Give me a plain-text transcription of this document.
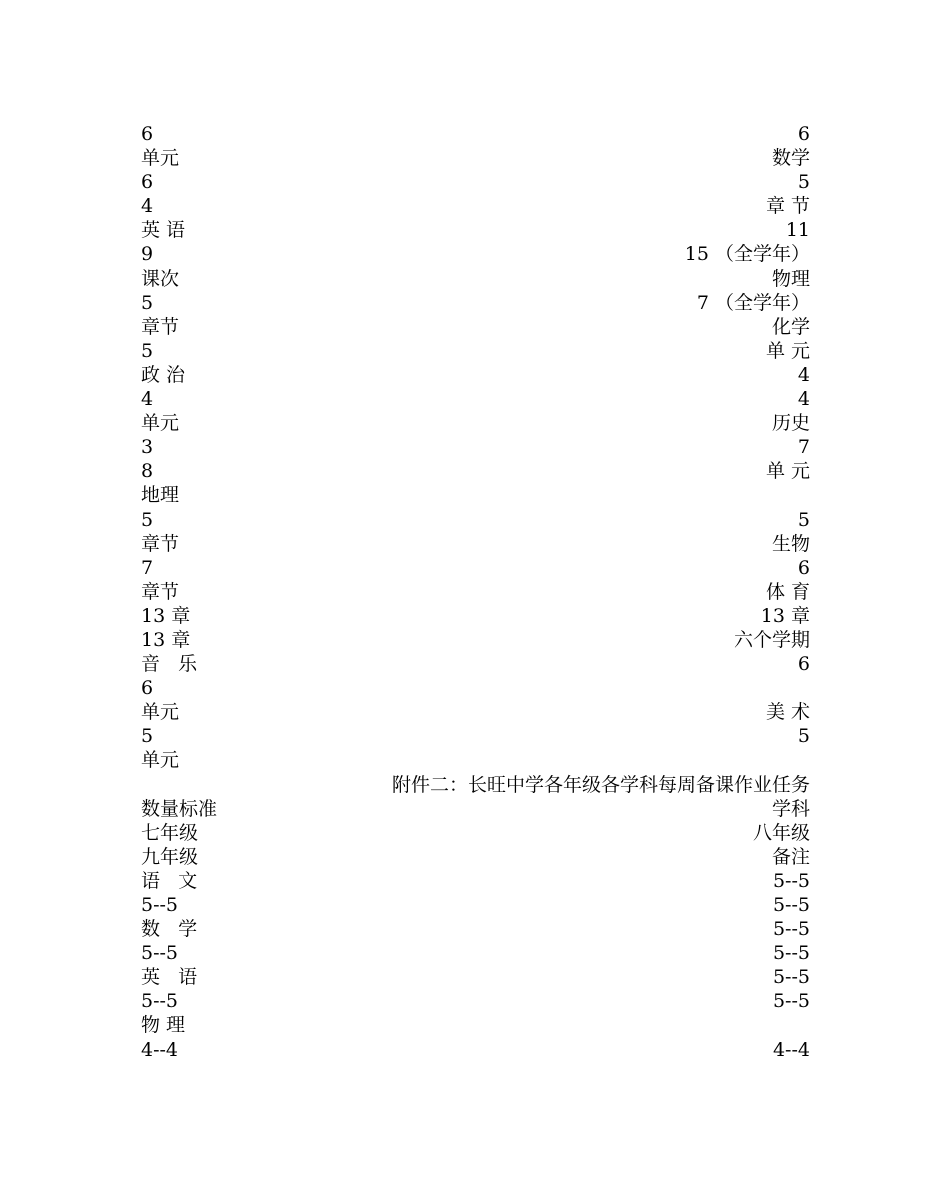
6	6
单元	数学
6	5
4	章 节
英 语	11
9	15 （全学年）
课次	物理
5	7 （全学年）
章节	化学
5	单 元
政 治	4
4	4
单元	历史
3	7
8	单 元
地理
5	5
章节	生物
7	6
章节	体 育
13 章	13 章
13 章	六个学期
音   乐	6
6
单元	美 术
5	5
单元
附件二：长旺中学各年级各学科每周备课作业任务
数量标准	学科
七年级	八年级
九年级	备注
语   文	5--5
5--5	5--5
数   学	5--5
5--5	5--5
英   语	5--5
5--5	5--5
物 理
4--4	4--4
